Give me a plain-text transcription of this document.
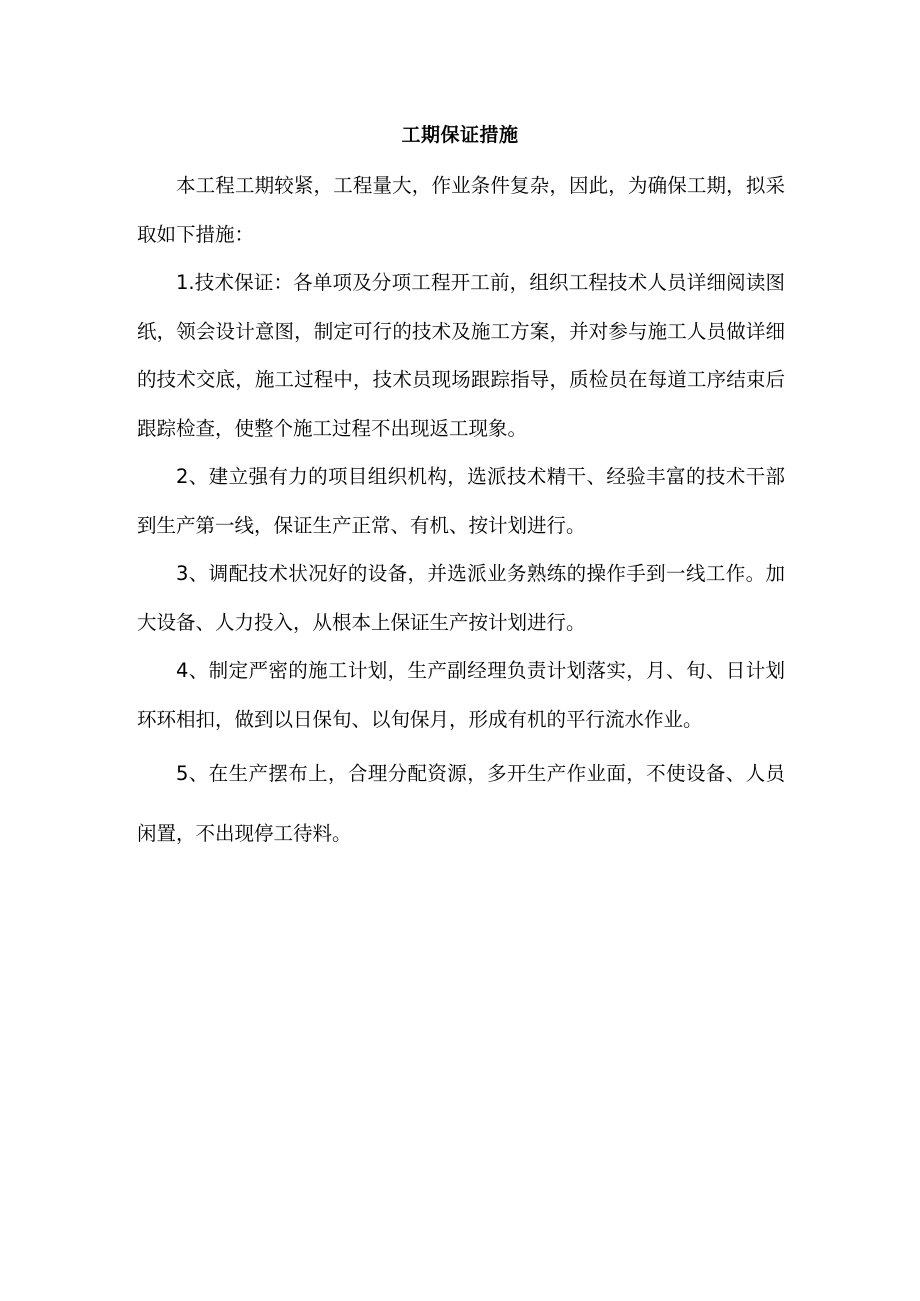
工期保证措施

本工程工期较紧，工程量大，作业条件复杂，因此，为确保工期，拟采取如下措施：

1.技术保证：各单项及分项工程开工前，组织工程技术人员详细阅读图纸，领会设计意图，制定可行的技术及施工方案，并对参与施工人员做详细的技术交底，施工过程中，技术员现场跟踪指导，质检员在每道工序结束后跟踪检查，使整个施工过程不出现返工现象。

2、建立强有力的项目组织机构，选派技术精干、经验丰富的技术干部到生产第一线，保证生产正常、有机、按计划进行。

3、调配技术状况好的设备，并选派业务熟练的操作手到一线工作。加大设备、人力投入，从根本上保证生产按计划进行。

4、制定严密的施工计划，生产副经理负责计划落实，月、旬、日计划环环相扣，做到以日保旬、以旬保月，形成有机的平行流水作业。

5、在生产摆布上，合理分配资源，多开生产作业面，不使设备、人员闲置，不出现停工待料。
